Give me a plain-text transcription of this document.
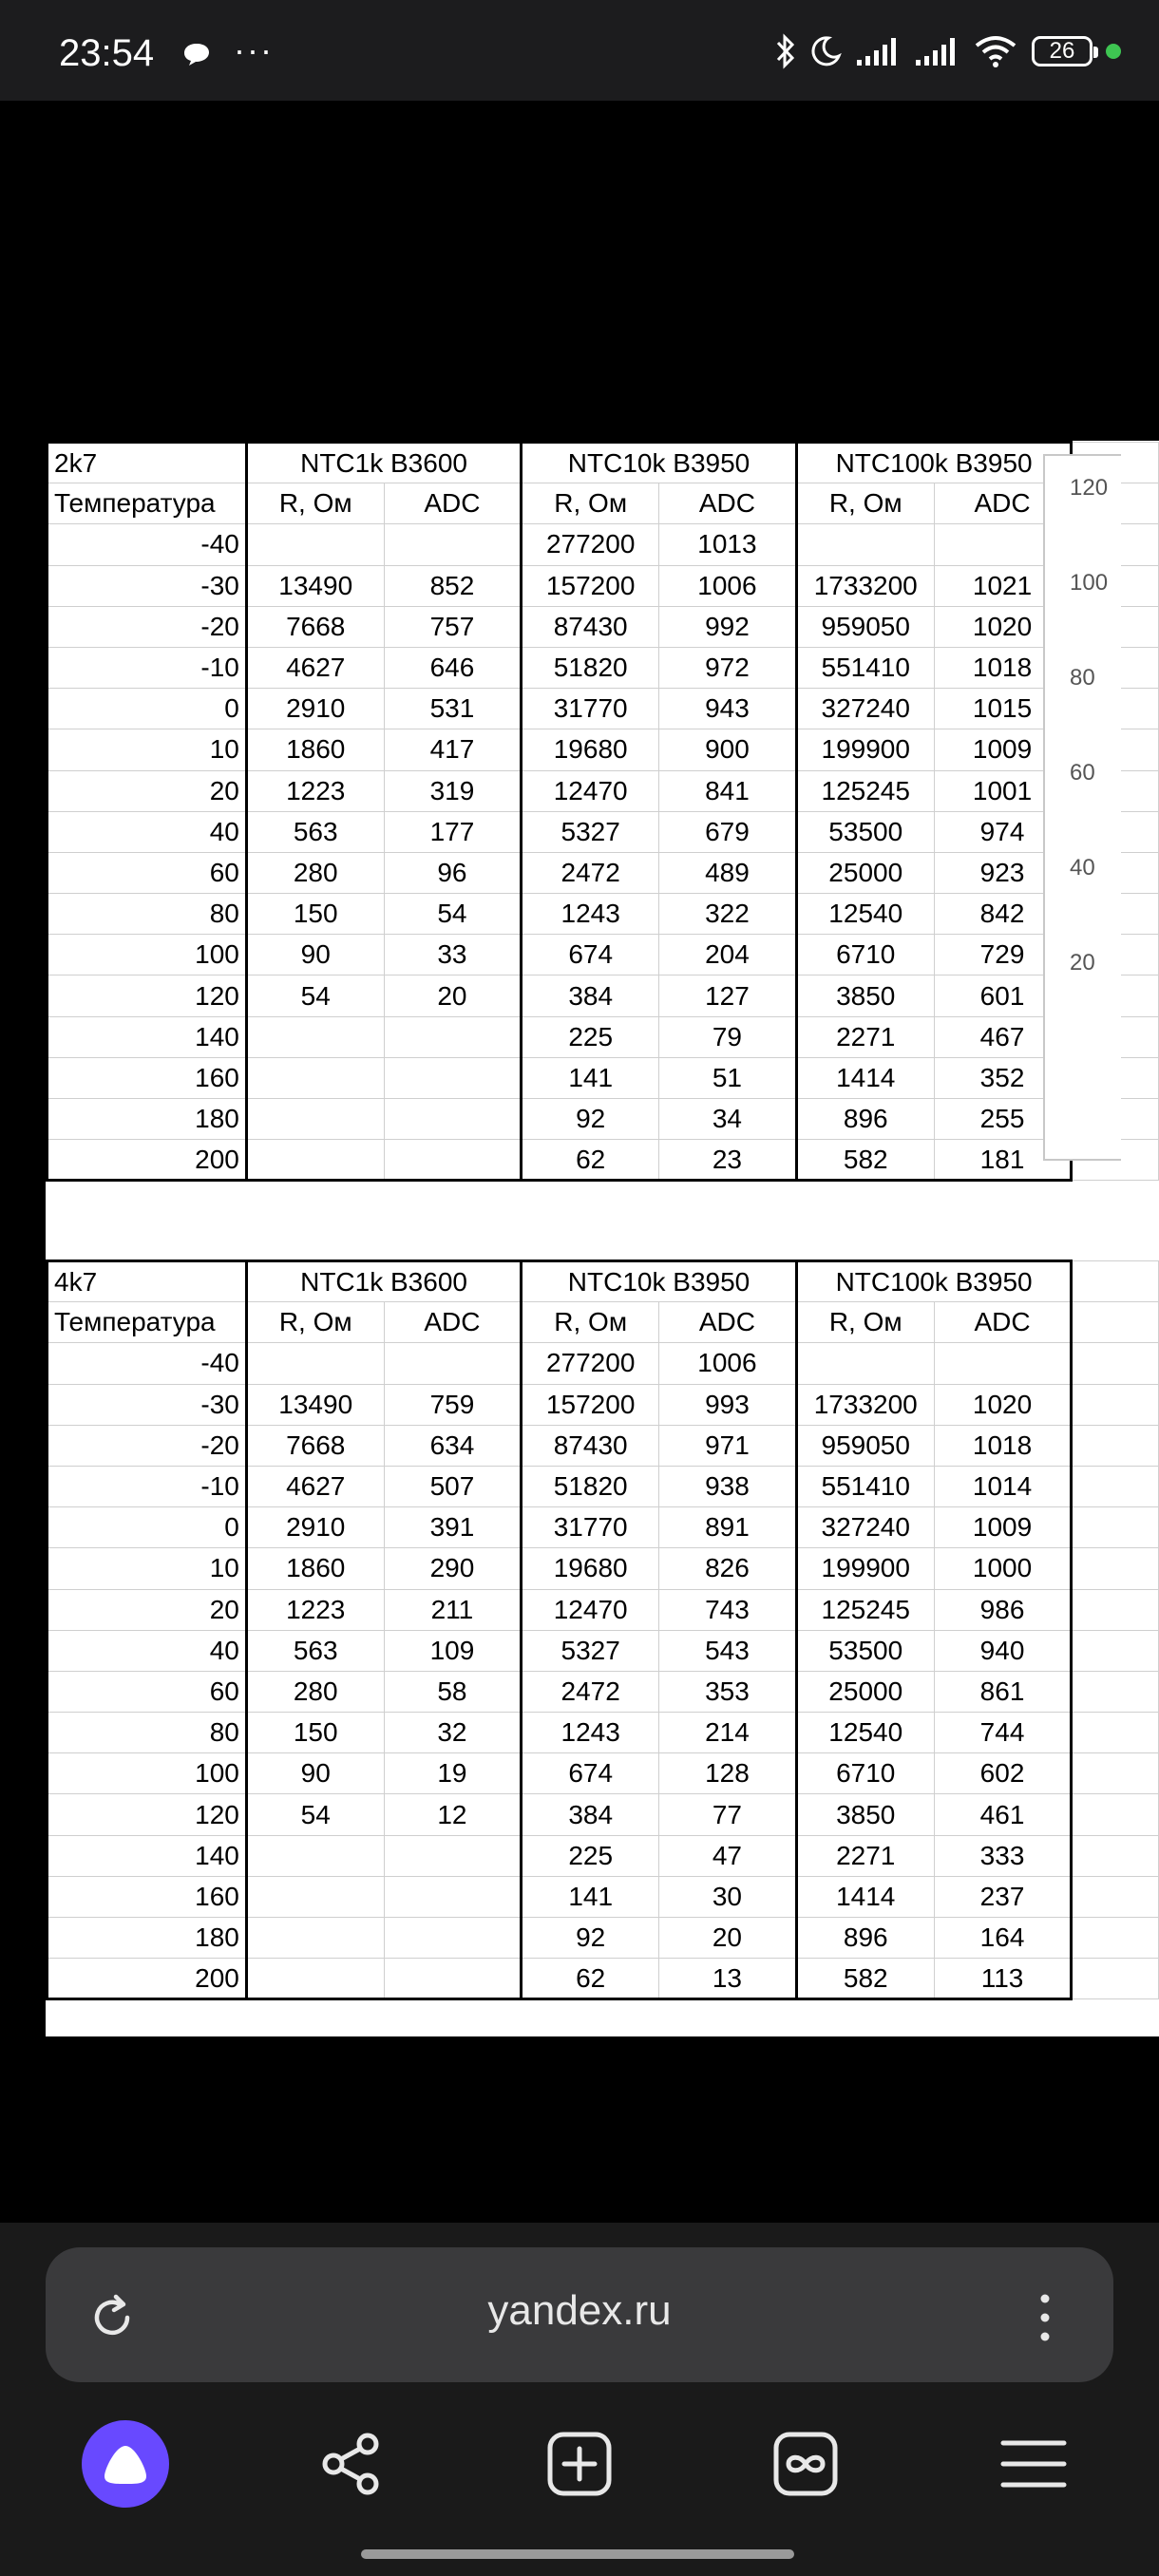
23:54 ···	26
2k7	NTC1k B3600		NTC10k B3950		NTC100k B3950		
Температура	R, Ом	ADC	R, Ом	ADC	R, Ом	ADC	
-40			277200	1013			
-30	13490	852	157200	1006	1733200	1021	
-20	7668	757	87430	992	959050	1020	
-10	4627	646	51820	972	551410	1018	
0	2910	531	31770	943	327240	1015	
10	1860	417	19680	900	199900	1009	
20	1223	319	12470	841	125245	1001	
40	563	177	5327	679	53500	974	
60	280	96	2472	489	25000	923	
80	150	54	1243	322	12540	842	
100	90	33	674	204	6710	729	
120	54	20	384	127	3850	601	
140			225	79	2271	467	
160			141	51	1414	352	
180			92	34	896	255	
200			62	23	582	181	
4k7	NTC1k B3600		NTC10k B3950		NTC100k B3950		
Температура	R, Ом	ADC	R, Ом	ADC	R, Ом	ADC	
-40			277200	1006			
-30	13490	759	157200	993	1733200	1020	
-20	7668	634	87430	971	959050	1018	
-10	4627	507	51820	938	551410	1014	
0	2910	391	31770	891	327240	1009	
10	1860	290	19680	826	199900	1000	
20	1223	211	12470	743	125245	986	
40	563	109	5327	543	53500	940	
60	280	58	2472	353	25000	861	
80	150	32	1243	214	12540	744	
100	90	19	674	128	6710	602	
120	54	12	384	77	3850	461	
140			225	47	2271	333	
160			141	30	1414	237	
180			92	20	896	164	
200			62	13	582	113	
120
100
80
60
40
20
yandex.ru
